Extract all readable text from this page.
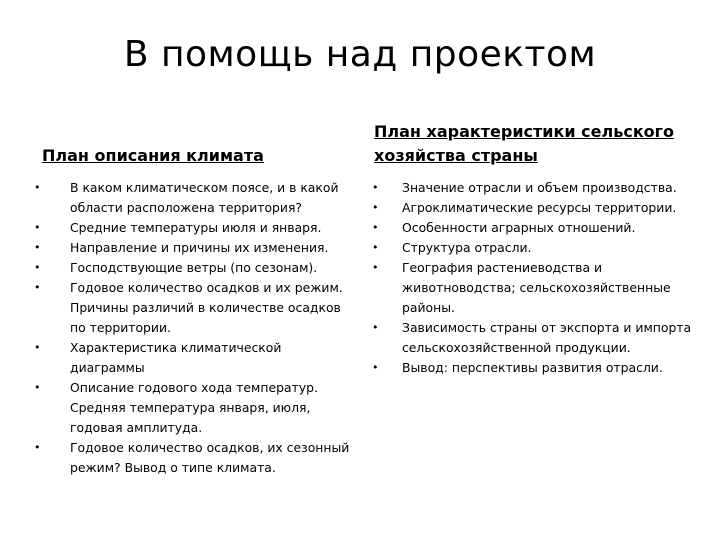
В помощь над проектом
План описания климата
• В каком климатическом поясе, и в какой области расположена территория?
• Средние температуры июля и января.
• Направление и причины их изменения.
• Господствующие ветры (по сезонам).
• Годовое количество осадков и их режим. Причины различий в количестве осадков по территории.
• Характеристика климатической диаграммы
• Описание годового хода температур. Средняя температура января, июля, годовая амплитуда.
• Годовое количество осадков, их сезонный режим? Вывод о типе климата.
План характеристики сельского хозяйства страны
• Значение отрасли и объем производства.
• Агроклиматические ресурсы территории.
• Особенности аграрных отношений.
• Структура отрасли.
• География растениеводства и животноводства; сельскохозяйственные районы.
• Зависимость страны от экспорта и импорта сельскохозяйственной продукции.
• Вывод: перспективы развития отрасли.
